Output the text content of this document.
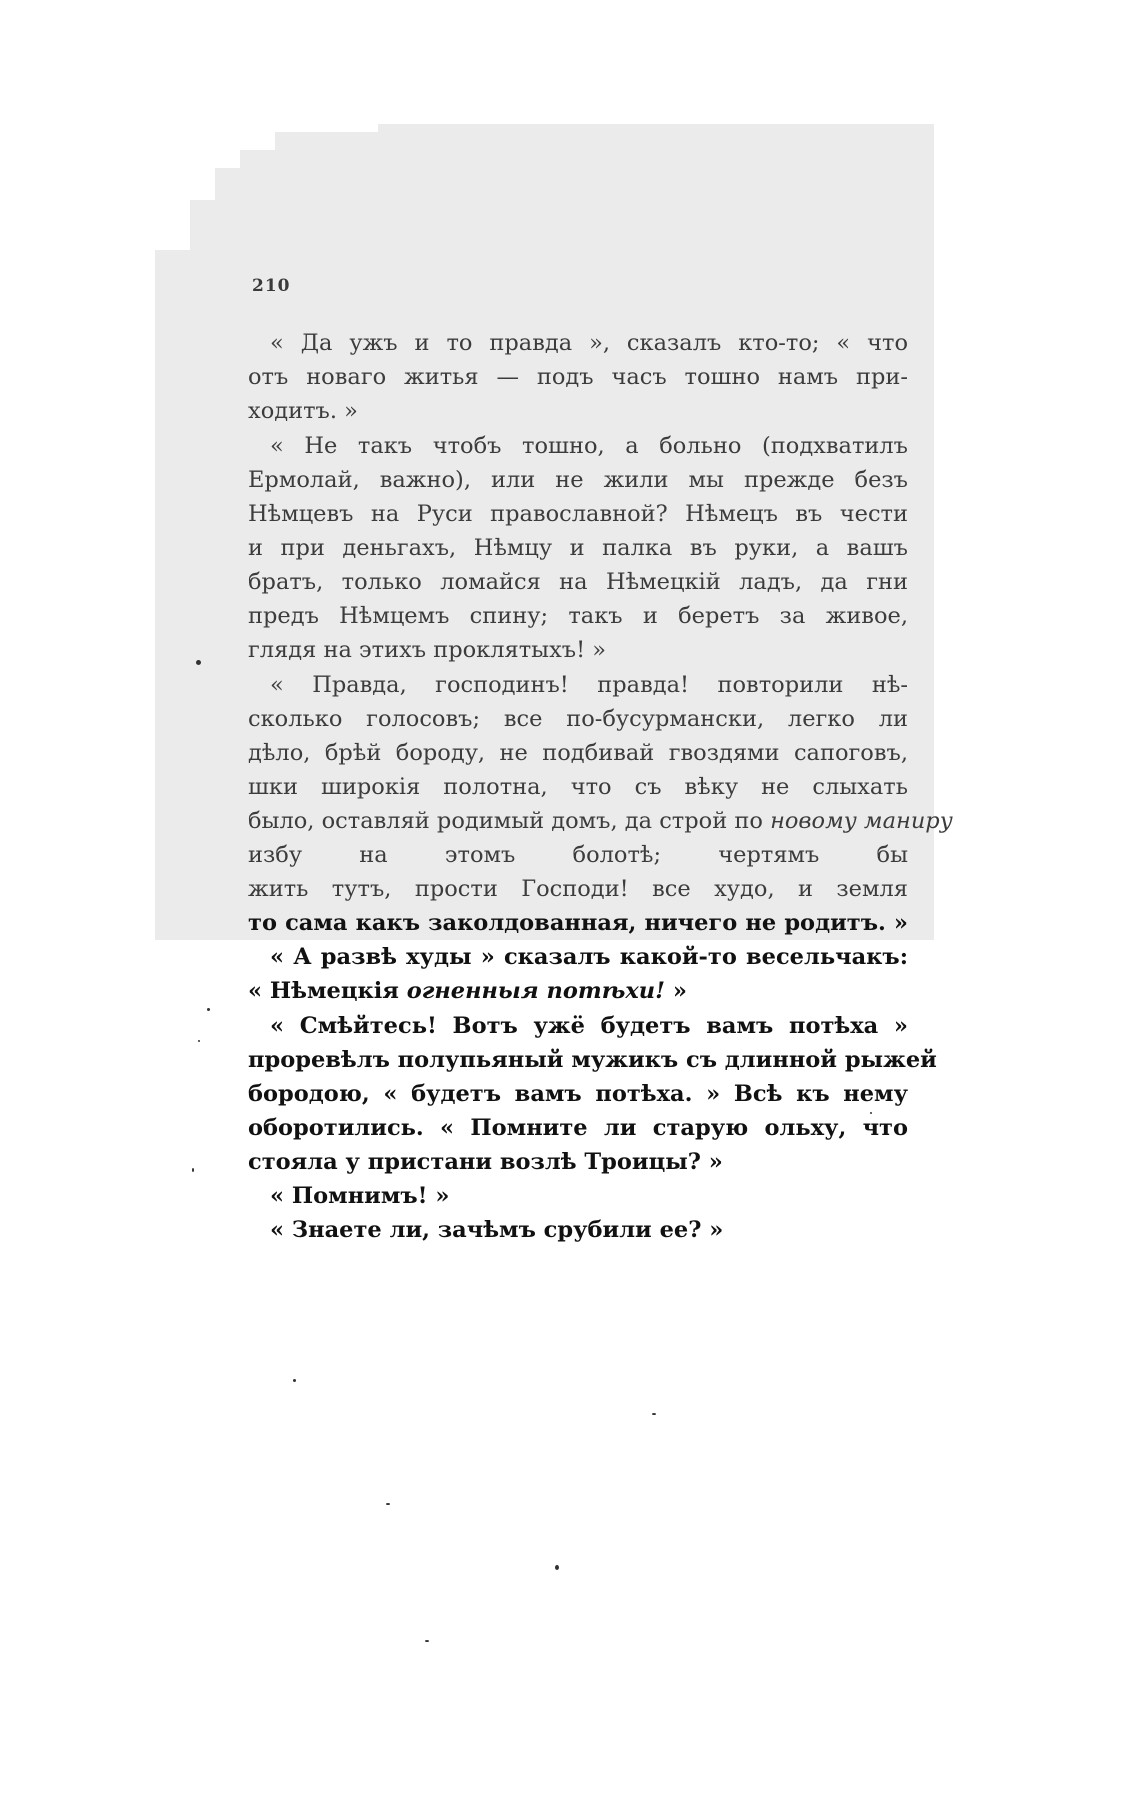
210
« Да ужъ и то правда », сказалъ кто-то; « что
отъ новаго житья — подъ часъ тошно намъ при-
ходитъ. »
« Не такъ чтобъ тошно, а больно (подхватилъ
Ермолай, важно), или не жили мы прежде безъ
Нѣмцевъ на Руси православной? Нѣмецъ въ чести
и при деньгахъ, Нѣмцу и палка въ руки, а вашъ
братъ, только ломайся на Нѣмецкій ладъ, да гни
предъ Нѣмцемъ спину; такъ и беретъ за живое,
глядя на этихъ проклятыхъ! »
« Правда, господинъ! правда! повторили нѣ-
сколько голосовъ; все по-бусурмански, легко ли
дѣло, брѣй бороду, не подбивай гвоздями сапоговъ,
шки широкія полотна, что съ вѣку не слыхать
было, оставляй родимый домъ, да строй по новому маниру
избу на этомъ болотѣ; чертямъ бы
жить тутъ, прости Господи! все худо, и земля
то сама какъ заколдованная, ничего не родитъ. »
« А развѣ худы » сказалъ какой-то весельчакъ:
« Нѣмецкія огненныя потѣхи! »
« Смѣйтесь! Вотъ ужё будетъ вамъ потѣха »
проревѣлъ полупьяный мужикъ съ длинной рыжей
бородою, « будетъ вамъ потѣха. » Всѣ къ нему
оборотились. « Помните ли старую ольху, что
стояла у пристани возлѣ Троицы? »
« Помнимъ! »
« Знаете ли, зачѣмъ срубили ее? »
